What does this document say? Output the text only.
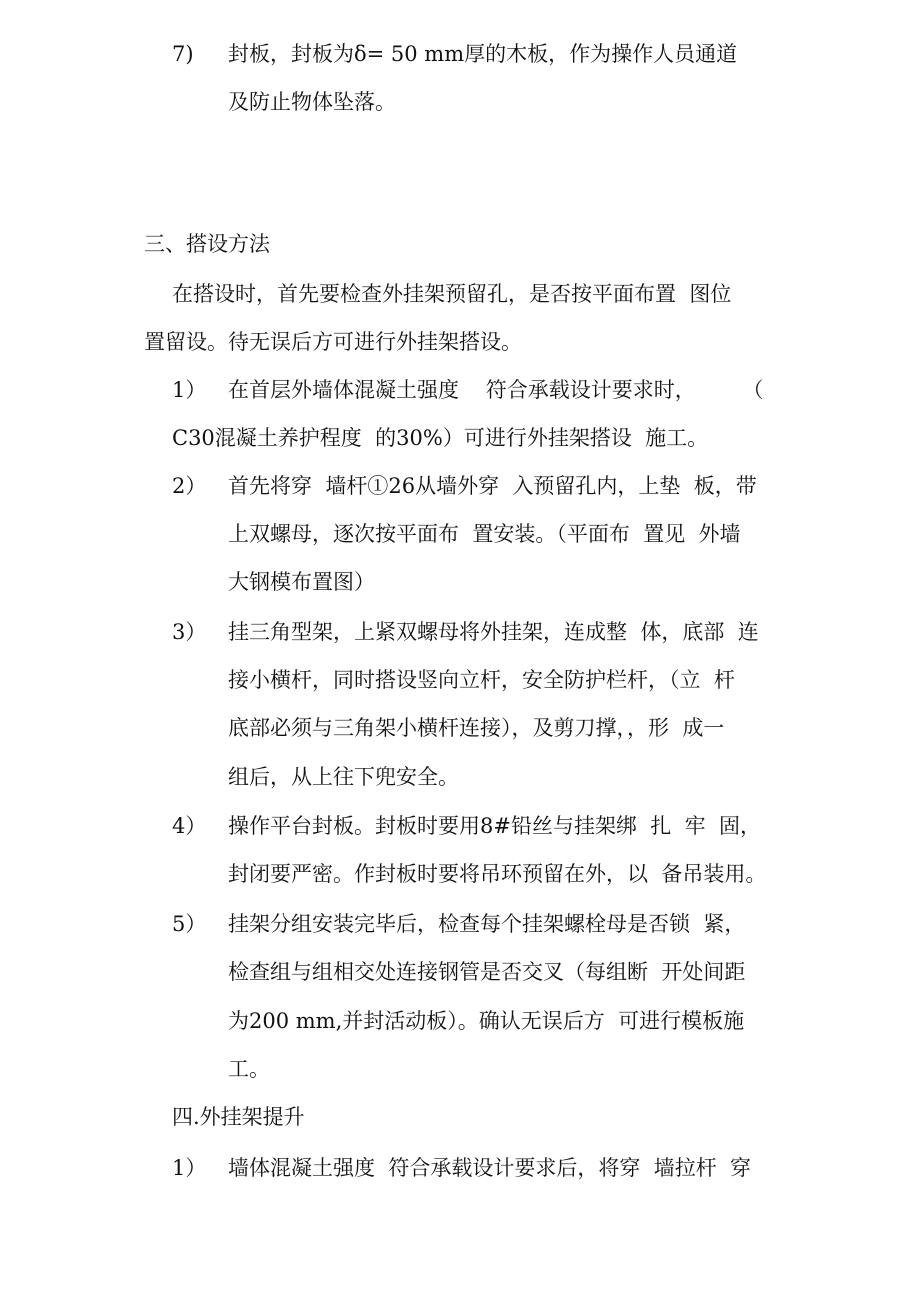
7) 封板，封板为δ= 50 mm厚的木板，作为操作人员通道
及防止物体坠落。
三、搭设方法
在搭设时，首先要检查外挂架预留孔，是否按平面布置  图位
置留设。待无误后方可进行外挂架搭设。
1） 在首层外墙体混凝土强度    符合承载设计要求时，       （
C30混凝土养护程度  的30%）可进行外挂架搭设  施工。
2） 首先将穿  墙杆①26从墙外穿  入预留孔内，上垫  板，带
上双螺母，逐次按平面布  置安装。（平面布  置见  外墙
大钢模布置图）
3） 挂三角型架，上紧双螺母将外挂架，连成整  体，底部  连
接小横杆，同时搭设竖向立杆，安全防护栏杆，（立  杆
底部必须与三角架小横杆连接），及剪刀撑，，形  成一
组后，从上往下兜安全。
4） 操作平台封板。封板时要用8#铅丝与挂架绑  扎  牢  固，
封闭要严密。作封板时要将吊环预留在外，以  备吊装用。
5） 挂架分组安装完毕后，检查每个挂架螺栓母是否锁  紧，
检查组与组相交处连接钢管是否交叉（每组断  开处间距
为200 mm,并封活动板）。确认无误后方  可进行模板施
工。
四.外挂架提升
1） 墙体混凝土强度  符合承载设计要求后，将穿  墙拉杆  穿
